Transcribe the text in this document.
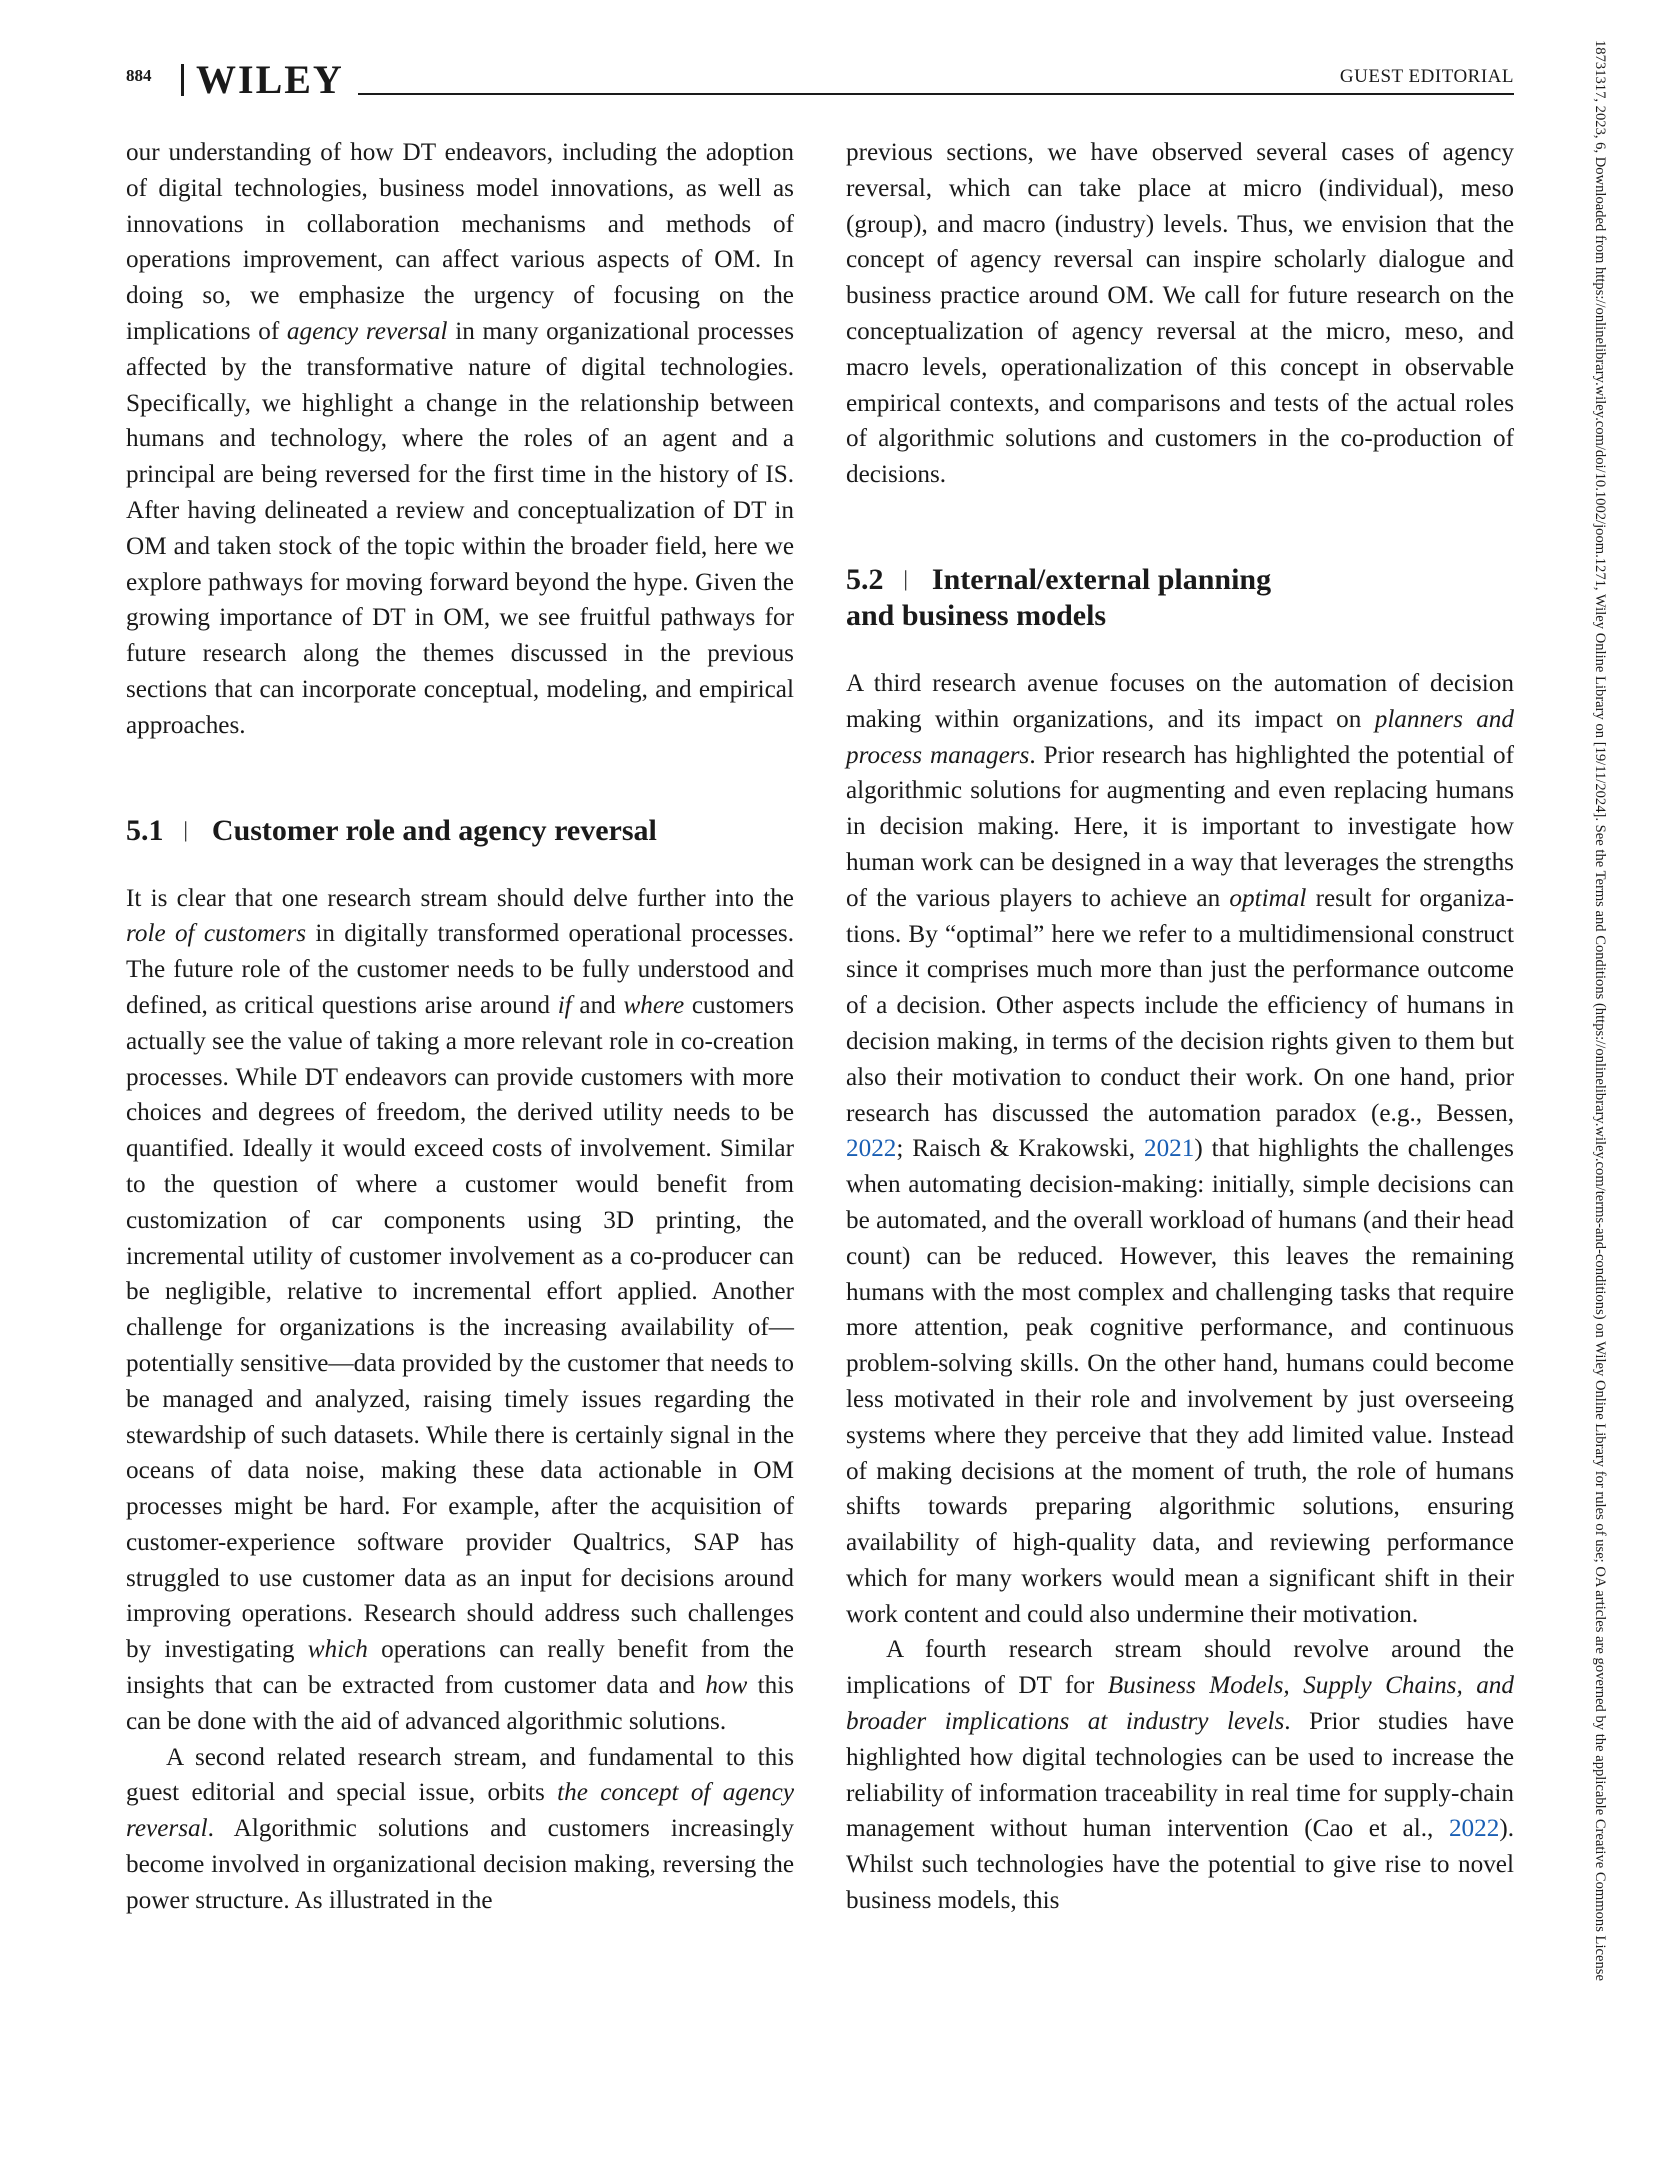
884 WILEY	GUEST EDITORIAL

our understanding of how DT endeavors, including the adoption of digital technologies, business model innovations, as well as innovations in collaboration mechanisms and methods of operations improvement, can affect various aspects of OM. In doing so, we emphasize the urgency of focusing on the implications of agency reversal in many organizational processes affected by the transformative nature of digital technologies. Specifically, we highlight a change in the relationship between humans and technology, where the roles of an agent and a principal are being reversed for the first time in the history of IS. After having delineated a review and conceptualization of DT in OM and taken stock of the topic within the broader field, here we explore pathways for moving forward beyond the hype. Given the growing importance of DT in OM, we see fruitful pathways for future research along the themes discussed in the previous sections that can incorporate conceptual, modeling, and empirical approaches.

5.1 | Customer role and agency reversal

It is clear that one research stream should delve further into the role of customers in digitally transformed operational processes. The future role of the customer needs to be fully understood and defined, as critical questions arise around if and where customers actually see the value of taking a more relevant role in co-creation processes. While DT endeavors can provide customers with more choices and degrees of freedom, the derived utility needs to be quantified. Ideally it would exceed costs of involvement. Similar to the question of where a customer would benefit from customization of car components using 3D printing, the incremental utility of customer involvement as a co-producer can be negligible, relative to incremental effort applied. Another challenge for organizations is the increasing availability of—potentially sensitive—data provided by the customer that needs to be managed and analyzed, raising timely issues regarding the stewardship of such datasets. While there is certainly signal in the oceans of data noise, making these data actionable in OM processes might be hard. For example, after the acquisition of customer-experience software provider Qualtrics, SAP has struggled to use customer data as an input for decisions around improving operations. Research should address such challenges by investigating which operations can really benefit from the insights that can be extracted from customer data and how this can be done with the aid of advanced algorithmic solutions.

A second related research stream, and fundamental to this guest editorial and special issue, orbits the concept of agency reversal. Algorithmic solutions and customers increasingly become involved in organizational decision making, reversing the power structure. As illustrated in the

previous sections, we have observed several cases of agency reversal, which can take place at micro (individual), meso (group), and macro (industry) levels. Thus, we envision that the concept of agency reversal can inspire scholarly dialogue and business practice around OM. We call for future research on the conceptualization of agency reversal at the micro, meso, and macro levels, operationalization of this concept in observable empirical contexts, and comparisons and tests of the actual roles of algorithmic solutions and customers in the co-production of decisions.

5.2 | Internal/external planning
and business models

A third research avenue focuses on the automation of decision making within organizations, and its impact on planners and process managers. Prior research has highlighted the potential of algorithmic solutions for augmenting and even replacing humans in decision making. Here, it is important to investigate how human work can be designed in a way that leverages the strengths of the various players to achieve an optimal result for organizations. By “optimal” here we refer to a multidimensional construct since it comprises much more than just the performance outcome of a decision. Other aspects include the efficiency of humans in decision making, in terms of the decision rights given to them but also their motivation to conduct their work. On one hand, prior research has discussed the automation paradox (e.g., Bessen, 2022; Raisch & Krakowski, 2021) that highlights the challenges when automating decision-making: initially, simple decisions can be automated, and the overall workload of humans (and their head count) can be reduced. However, this leaves the remaining humans with the most complex and challenging tasks that require more attention, peak cognitive performance, and continuous problem-solving skills. On the other hand, humans could become less motivated in their role and involvement by just overseeing systems where they perceive that they add limited value. Instead of making decisions at the moment of truth, the role of humans shifts towards preparing algorithmic solutions, ensuring availability of high-quality data, and reviewing performance which for many workers would mean a significant shift in their work content and could also undermine their motivation.

A fourth research stream should revolve around the implications of DT for Business Models, Supply Chains, and broader implications at industry levels. Prior studies have highlighted how digital technologies can be used to increase the reliability of information traceability in real time for supply-chain management without human intervention (Cao et al., 2022). Whilst such technologies have the potential to give rise to novel business models, this	18731317, 2023, 6, Downloaded from https://onlinelibrary.wiley.com/doi/10.1002/joom.1271, Wiley Online Library on [19/11/2024]. See the Terms and Conditions (https://onlinelibrary.wiley.com/terms-and-conditions) on Wiley Online Library for rules of use; OA articles are governed by the applicable Creative Commons License
